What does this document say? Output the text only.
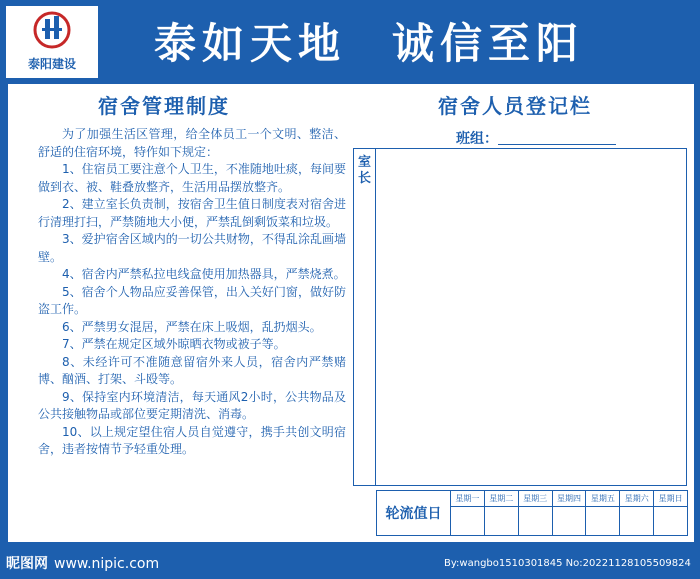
泰阳建设	泰如天地 诚信至阳
宿舍管理制度

为了加强生活区管理，给全体员工一个文明、整洁、舒适的住宿环境，特作如下规定：

1、住宿员工要注意个人卫生，不准随地吐痰，每间要做到衣、被、鞋叠放整齐，生活用品摆放整齐。

2、建立室长负责制，按宿舍卫生值日制度表对宿舍进行清理打扫，严禁随地大小便，严禁乱倒剩饭菜和垃圾。

3、爱护宿舍区域内的一切公共财物，不得乱涂乱画墙壁。

4、宿舍内严禁私拉电线盒使用加热器具，严禁烧煮。

5、宿舍个人物品应妥善保管，出入关好门窗，做好防盗工作。

6、严禁男女混居，严禁在床上吸烟，乱扔烟头。

7、严禁在规定区域外晾晒衣物或被子等。

8、未经许可不准随意留宿外来人员，宿舍内严禁赌博、酗酒、打架、斗殴等。

9、保持室内环境清洁，每天通风2小时，公共物品及公共接触物品或部位要定期清洗、消毒。

10、以上规定望住宿人员自觉遵守，携手共创文明宿舍，违者按情节予轻重处理。

宿舍人员登记栏
班组：
室长
轮流值日
星期一	星期二	星期三	星期四	星期五	星期六	星期日
昵图网 www.nipic.com	By:wangbo1510301845 No:20221128105509824
